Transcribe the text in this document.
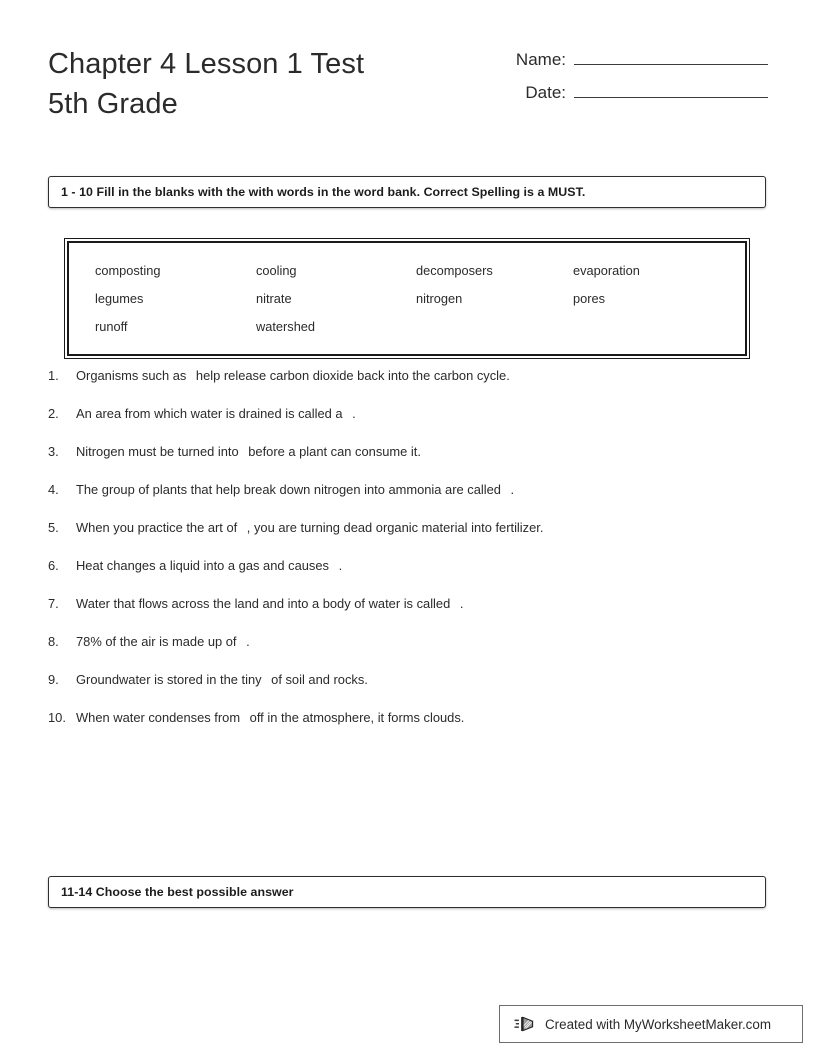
Chapter 4 Lesson 1 Test
5th Grade
Name:
Date:
1 - 10 Fill in the blanks with the with words in the word bank. Correct Spelling is a MUST.
composting	cooling	decomposers	evaporation
legumes	nitrate	nitrogen	pores
runoff	watershed
1.	Organisms such as help release carbon dioxide back into the carbon cycle.
2.	An area from which water is drained is called a .
3.	Nitrogen must be turned into before a plant can consume it.
4.	The group of plants that help break down nitrogen into ammonia are called .
5.	When you practice the art of , you are turning dead organic material into fertilizer.
6.	Heat changes a liquid into a gas and causes .
7.	Water that flows across the land and into a body of water is called .
8.	78% of the air is made up of .
9.	Groundwater is stored in the tiny of soil and rocks.
10. When water condenses from off in the atmosphere, it forms clouds.
11-14 Choose the best possible answer
Created with MyWorksheetMaker.com
